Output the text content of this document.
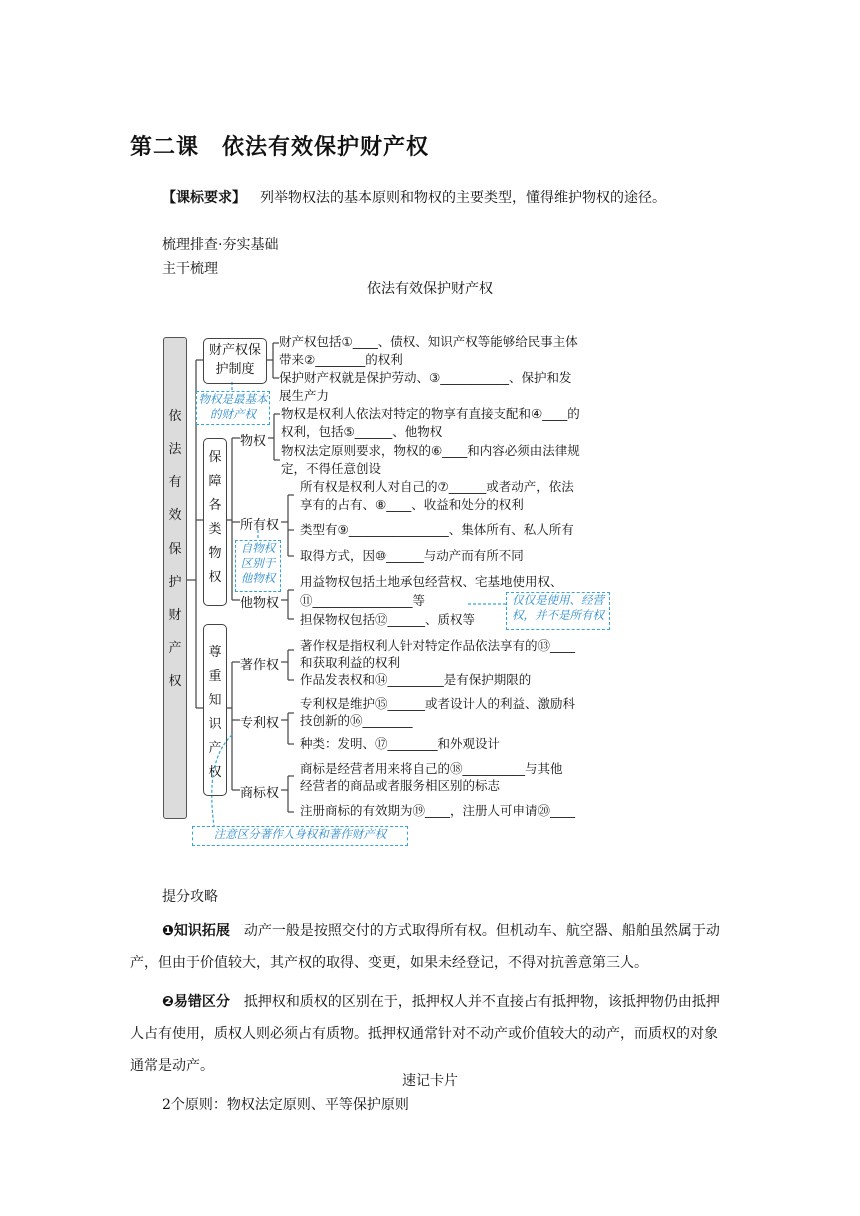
第二课　依法有效保护财产权
【课标要求】 列举物权法的基本原则和物权的主要类型，懂得维护物权的途径。
梳理排查·夯实基础
主干梳理
依法有效保护财产权
依
法
有
效
保
护
财
产
权
财产权保护制度
财产权包括①____、债权、知识产权等能够给民事主体
带来②________的权利
保护财产权就是保护劳动、③___________、保护和发
展生产力
物权是最基本的财产权
保
障
各
类
物
权
物权
物权是权利人依法对特定的物享有直接支配和④____的
权利，包括⑤______、他物权
物权法定原则要求，物权的⑥____和内容必须由法律规
定，不得任意创设
所有权
所有权是权利人对自己的⑦______或者动产，依法
享有的占有、⑧____、收益和处分的权利
类型有⑨________________、集体所有、私人所有
取得方式，因⑩______与动产而有所不同
自物权区别于他物权
他物权
用益物权包括土地承包经营权、宅基地使用权、
⑪________________等
担保物权包括⑫______、质权等
仅仅是使用、经营权，并不是所有权
尊
重
知
识
产
权
著作权
著作权是指权利人针对特定作品依法享有的⑬____
和获取利益的权利
作品发表权和⑭_________是有保护期限的
专利权
专利权是维护⑮______或者设计人的利益、激励科
技创新的⑯________
种类：发明、⑰________和外观设计
商标权
商标是经营者用来将自己的⑱__________与其他
经营者的商品或者服务相区别的标志
注册商标的有效期为⑲____，注册人可申请⑳____
注意区分著作人身权和著作财产权
提分攻略
❶知识拓展　 动产一般是按照交付的方式取得所有权。但机动车、航空器、船舶虽然属于动产，但由于价值较大，其产权的取得、变更，如果未经登记，不得对抗善意第三人。
❷易错区分　 抵押权和质权的区别在于，抵押权人并不直接占有抵押物，该抵押物仍由抵押人占有使用，质权人则必须占有质物。抵押权通常针对不动产或价值较大的动产，而质权的对象通常是动产。
速记卡片
2个原则：物权法定原则、平等保护原则
